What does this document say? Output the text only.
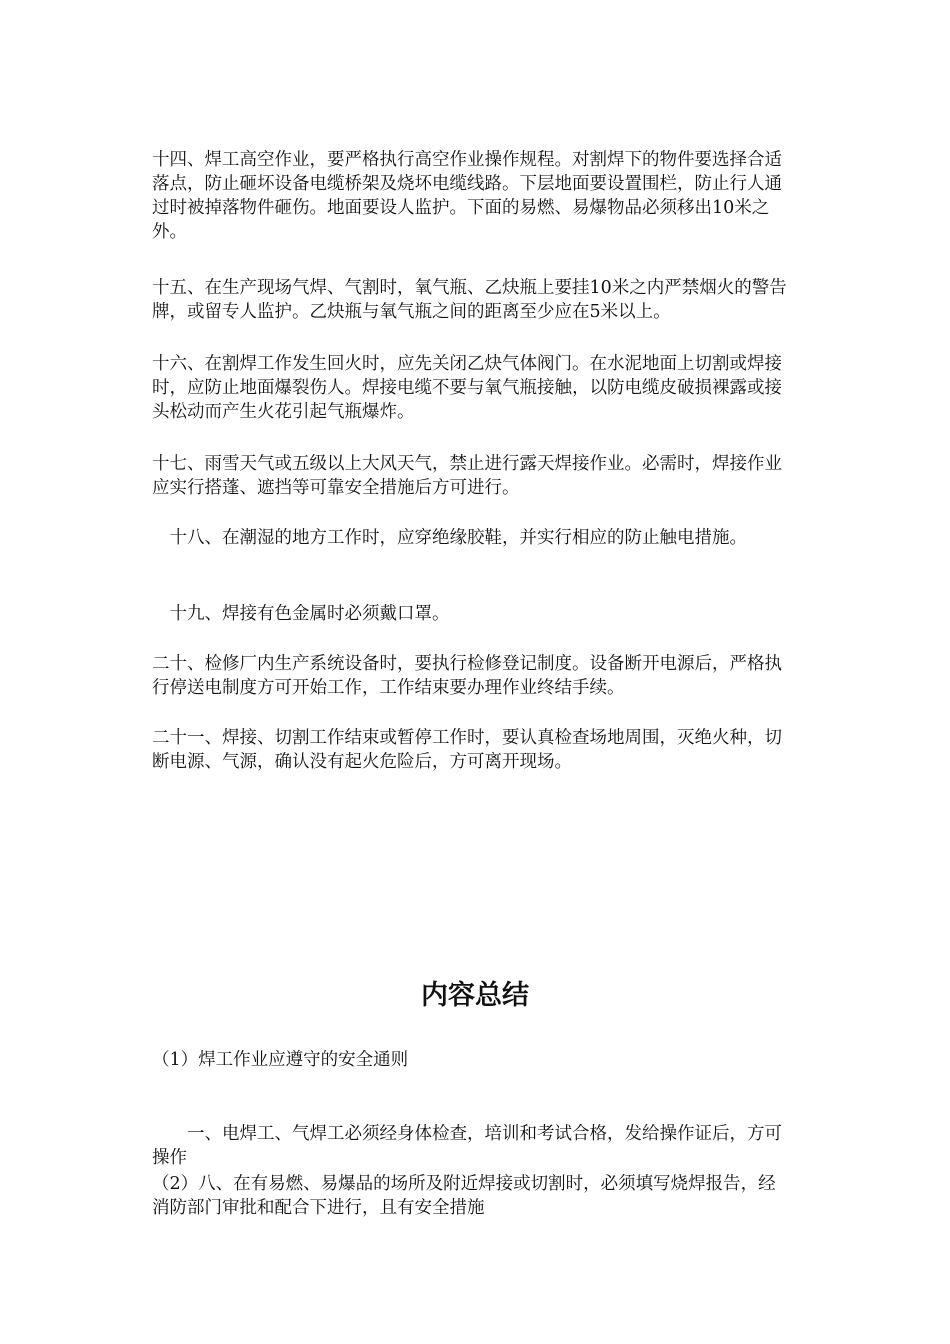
十四、焊工高空作业，要严格执行高空作业操作规程。对割焊下的物件要选择合适落点，防止砸坏设备电缆桥架及烧坏电缆线路。下层地面要设置围栏，防止行人通过时被掉落物件砸伤。地面要设人监护。下面的易燃、易爆物品必须移出10米之外。

十五、在生产现场气焊、气割时，氧气瓶、乙炔瓶上要挂10米之内严禁烟火的警告牌，或留专人监护。乙炔瓶与氧气瓶之间的距离至少应在5米以上。

十六、在割焊工作发生回火时，应先关闭乙炔气体阀门。在水泥地面上切割或焊接时，应防止地面爆裂伤人。焊接电缆不要与氧气瓶接触，以防电缆皮破损裸露或接头松动而产生火花引起气瓶爆炸。

十七、雨雪天气或五级以上大风天气，禁止进行露天焊接作业。必需时，焊接作业应实行搭蓬、遮挡等可靠安全措施后方可进行。

　十八、在潮湿的地方工作时，应穿绝缘胶鞋，并实行相应的防止触电措施。

　十九、焊接有色金属时必须戴口罩。

二十、检修厂内生产系统设备时，要执行检修登记制度。设备断开电源后，严格执行停送电制度方可开始工作，工作结束要办理作业终结手续。

二十一、焊接、切割工作结束或暂停工作时，要认真检查场地周围，灭绝火种，切断电源、气源，确认没有起火危险后，方可离开现场。

内容总结

（1）焊工作业应遵守的安全通则

　　一、电焊工、气焊工必须经身体检查，培训和考试合格，发给操作证后，方可操作

（2）八、在有易燃、易爆品的场所及附近焊接或切割时，必须填写烧焊报告，经消防部门审批和配合下进行，且有安全措施
